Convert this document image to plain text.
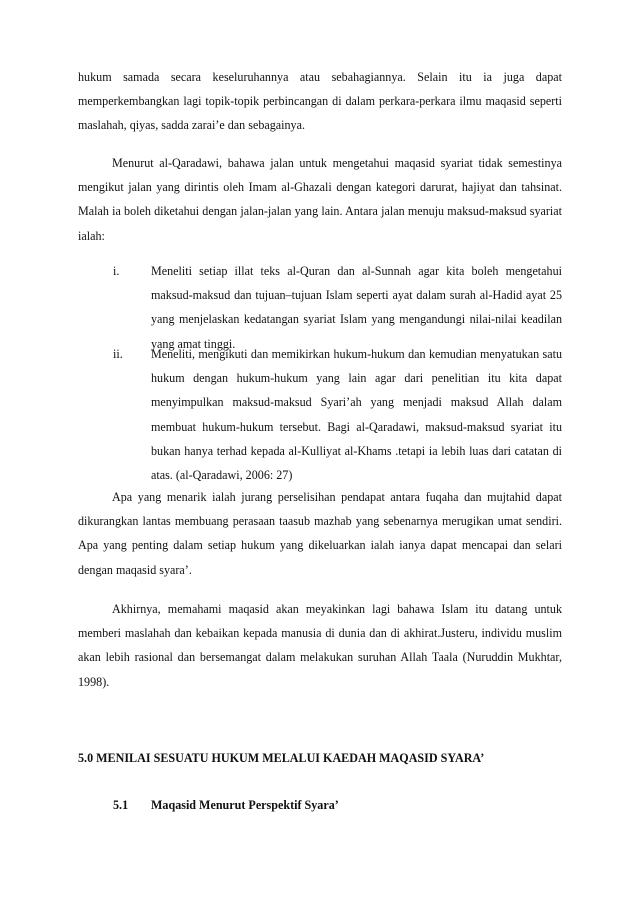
hukum samada secara keseluruhannya atau sebahagiannya. Selain itu ia juga dapat memperkembangkan lagi topik-topik perbincangan di dalam perkara-perkara ilmu maqasid seperti maslahah, qiyas, sadda zarai’e dan sebagainya.

Menurut al-Qaradawi, bahawa jalan untuk mengetahui maqasid syariat tidak semestinya mengikut jalan yang dirintis oleh Imam al-Ghazali dengan kategori darurat, hajiyat dan tahsinat. Malah ia boleh diketahui dengan jalan-jalan yang lain. Antara jalan menuju maksud-maksud syariat ialah:

i.	Meneliti setiap illat teks al-Quran dan al-Sunnah agar kita boleh mengetahui maksud-maksud dan tujuan–tujuan Islam seperti ayat dalam surah al-Hadid ayat 25 yang menjelaskan kedatangan syariat Islam yang mengandungi nilai-nilai keadilan yang amat tinggi.
ii.	Meneliti, mengikuti dan memikirkan hukum-hukum dan kemudian menyatukan satu hukum dengan hukum-hukum yang lain agar dari penelitian itu kita dapat menyimpulkan maksud-maksud Syari’ah yang menjadi maksud Allah dalam membuat hukum-hukum tersebut. Bagi al-Qaradawi, maksud-maksud syariat itu bukan hanya terhad kepada al-Kulliyat al-Khams .tetapi ia lebih luas dari catatan di atas. (al-Qaradawi, 2006: 27)

Apa yang menarik ialah jurang perselisihan pendapat antara fuqaha dan mujtahid dapat dikurangkan lantas membuang perasaan taasub mazhab yang sebenarnya merugikan umat sendiri. Apa yang penting dalam setiap hukum yang dikeluarkan ialah ianya dapat mencapai dan selari dengan maqasid syara’.

Akhirnya, memahami maqasid akan meyakinkan lagi bahawa Islam itu datang untuk memberi maslahah dan kebaikan kepada manusia di dunia dan di akhirat.Justeru, individu muslim akan lebih rasional dan bersemangat dalam melakukan suruhan Allah Taala (Nuruddin Mukhtar, 1998).

5.0 MENILAI SESUATU HUKUM MELALUI KAEDAH MAQASID SYARA’
5.1 Maqasid Menurut Perspektif Syara’
